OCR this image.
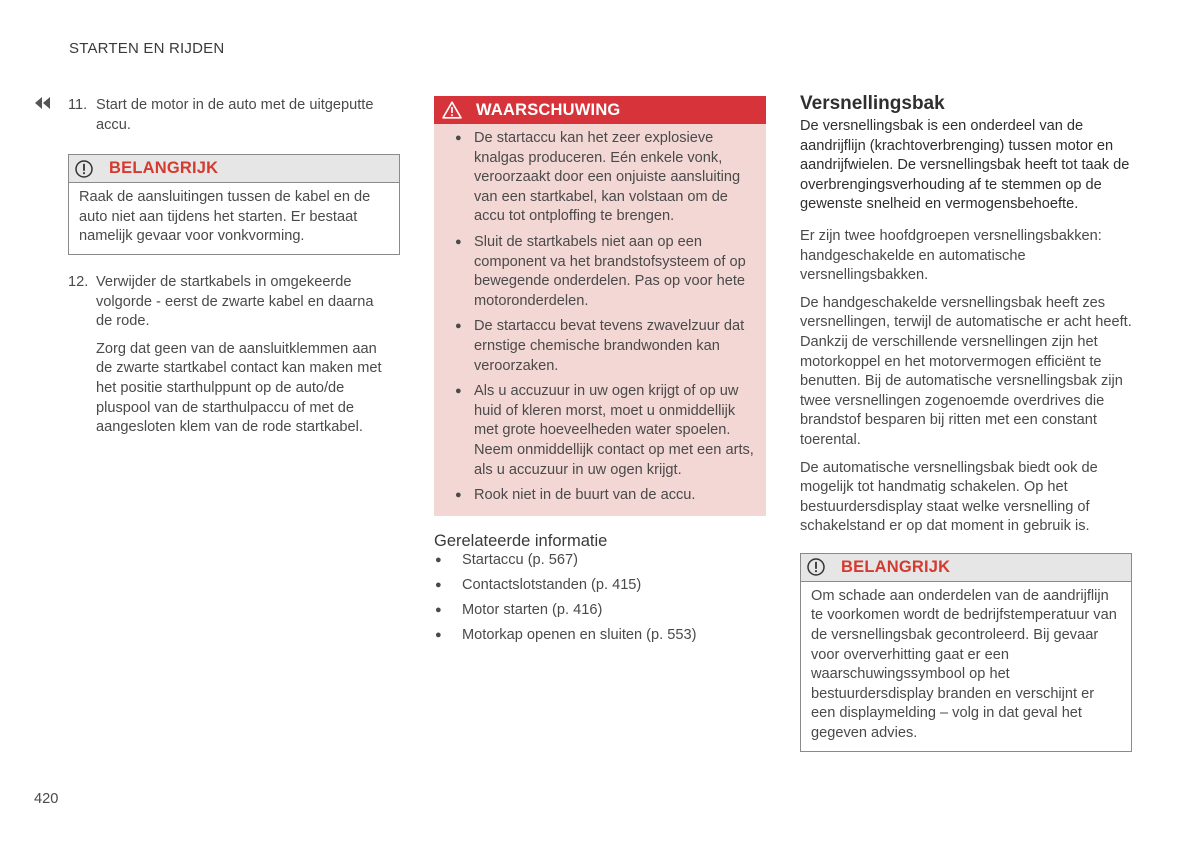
STARTEN EN RIJDEN
11. Start de motor in de auto met de uitgeputte accu.
BELANGRIJK
Raak de aansluitingen tussen de kabel en de auto niet aan tijdens het starten. Er bestaat namelijk gevaar voor vonkvorming.
12. Verwijder de startkabels in omgekeerde volgorde - eerst de zwarte kabel en daarna de rode.
Zorg dat geen van de aansluitklemmen aan de zwarte startkabel contact kan maken met het positie starthulppunt op de auto/de pluspool van de starthulpaccu of met de aangesloten klem van de rode startkabel.
WAARSCHUWING
● De startaccu kan het zeer explosieve knalgas produceren. Eén enkele vonk, veroorzaakt door een onjuiste aansluiting van een startkabel, kan volstaan om de accu tot ontploffing te brengen.
● Sluit de startkabels niet aan op een component va het brandstofsysteem of op bewegende onderdelen. Pas op voor hete motoronderdelen.
● De startaccu bevat tevens zwavelzuur dat ernstige chemische brandwonden kan veroorzaken.
● Als u accuzuur in uw ogen krijgt of op uw huid of kleren morst, moet u onmiddellijk met grote hoeveelheden water spoelen. Neem onmiddellijk contact op met een arts, als u accuzuur in uw ogen krijgt.
● Rook niet in de buurt van de accu.
Gerelateerde informatie
● Startaccu (p. 567)
● Contactslotstanden (p. 415)
● Motor starten (p. 416)
● Motorkap openen en sluiten (p. 553)
Versnellingsbak

De versnellingsbak is een onderdeel van de aandrijflijn (krachtoverbrenging) tussen motor en aandrijfwielen. De versnellingsbak heeft tot taak de overbrengingsverhouding af te stemmen op de gewenste snelheid en vermogensbehoefte.

Er zijn twee hoofdgroepen versnellingsbakken: handgeschakelde en automatische versnellingsbakken.

De handgeschakelde versnellingsbak heeft zes versnellingen, terwijl de automatische er acht heeft. Dankzij de verschillende versnellingen zijn het motorkoppel en het motorvermogen efficiënt te benutten. Bij de automatische versnellingsbak zijn twee versnellingen zogenoemde overdrives die brandstof besparen bij ritten met een constant toerental.

De automatische versnellingsbak biedt ook de mogelijk tot handmatig schakelen. Op het bestuurdersdisplay staat welke versnelling of schakelstand er op dat moment in gebruik is.

BELANGRIJK
Om schade aan onderdelen van de aandrijflijn te voorkomen wordt de bedrijfstemperatuur van de versnellingsbak gecontroleerd. Bij gevaar voor oververhitting gaat er een waarschuwingssymbool op het bestuurdersdisplay branden en verschijnt er een displaymelding – volg in dat geval het gegeven advies.
420
